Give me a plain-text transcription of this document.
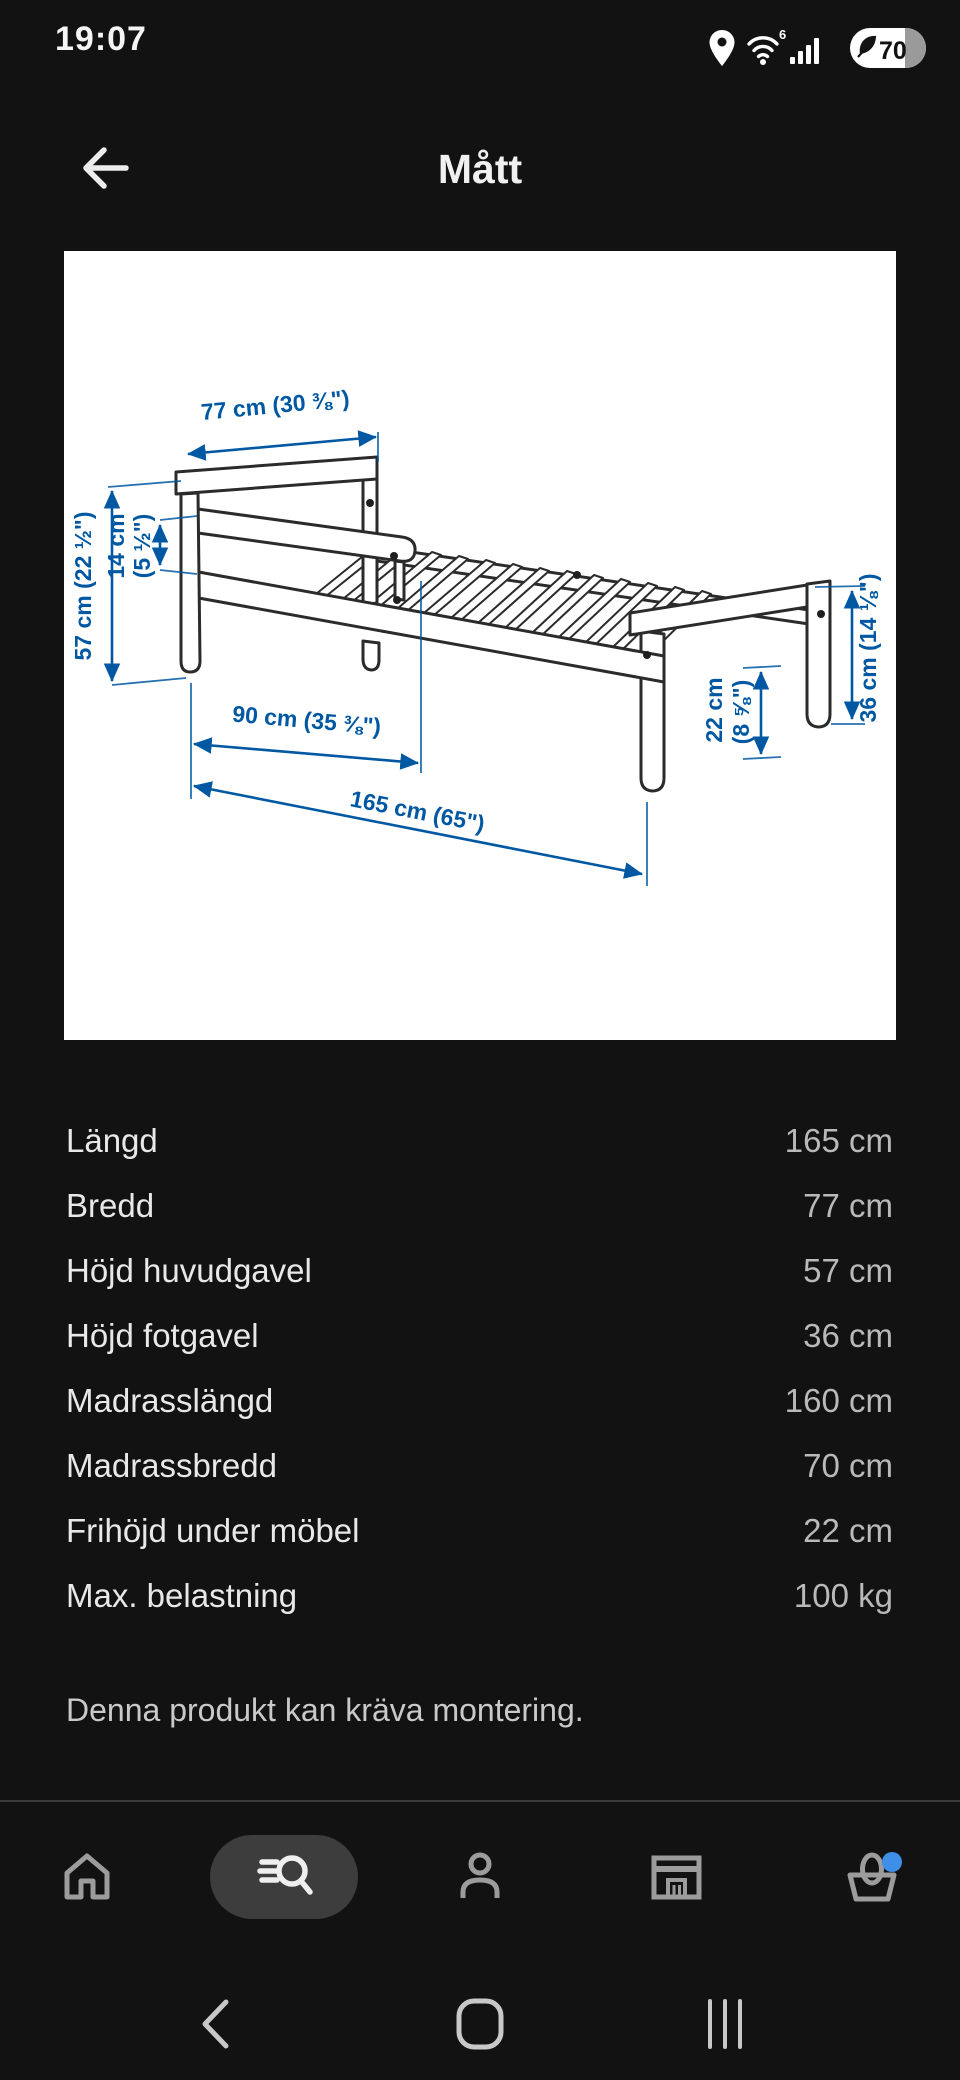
19:07	6
70
Mått
77 cm (30 ⅜")
57 cm (22 ½") 14 cm (5 ½")
90 cm (35 ⅜")
165 cm (65")
22 cm (8 ⅝")	36 cm (14 ⅛")
Längd	165 cm
Bredd	77 cm
Höjd huvudgavel	57 cm
Höjd fotgavel	36 cm
Madrasslängd	160 cm
Madrassbredd	70 cm
Frihöjd under möbel	22 cm
Max. belastning	100 kg
Denna produkt kan kräva montering.
